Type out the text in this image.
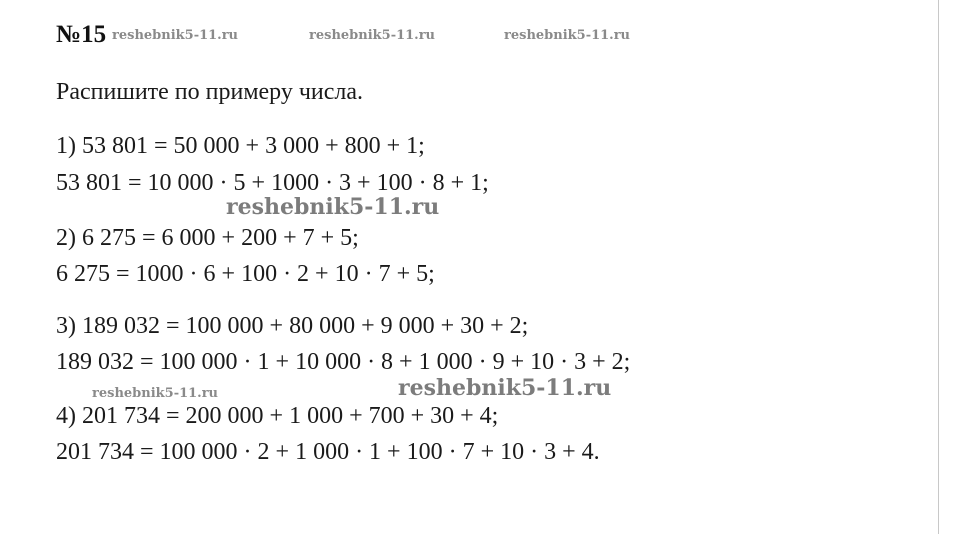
№15 reshebnik5-11.ru	reshebnik5-11.ru	reshebnik5-11.ru

Распишите по примеру числа.

1) 53 801 = 50 000 + 3 000 + 800 + 1;

53 801 = 10 000 · 5 + 1000 · 3 + 100 · 8 + 1;

reshebnik5-11.ru

2) 6 275 = 6 000 + 200 + 7 + 5;

6 275 = 1000 · 6 + 100 · 2 + 10 · 7 + 5;

3) 189 032 = 100 000 + 80 000 + 9 000 + 30 + 2;

189 032 = 100 000 · 1 + 10 000 · 8 + 1 000 · 9 + 10 · 3 + 2;

reshebnik5-11.ru	reshebnik5-11.ru

4) 201 734 = 200 000 + 1 000 + 700 + 30 + 4;

201 734 = 100 000 · 2 + 1 000 · 1 + 100 · 7 + 10 · 3 + 4.
